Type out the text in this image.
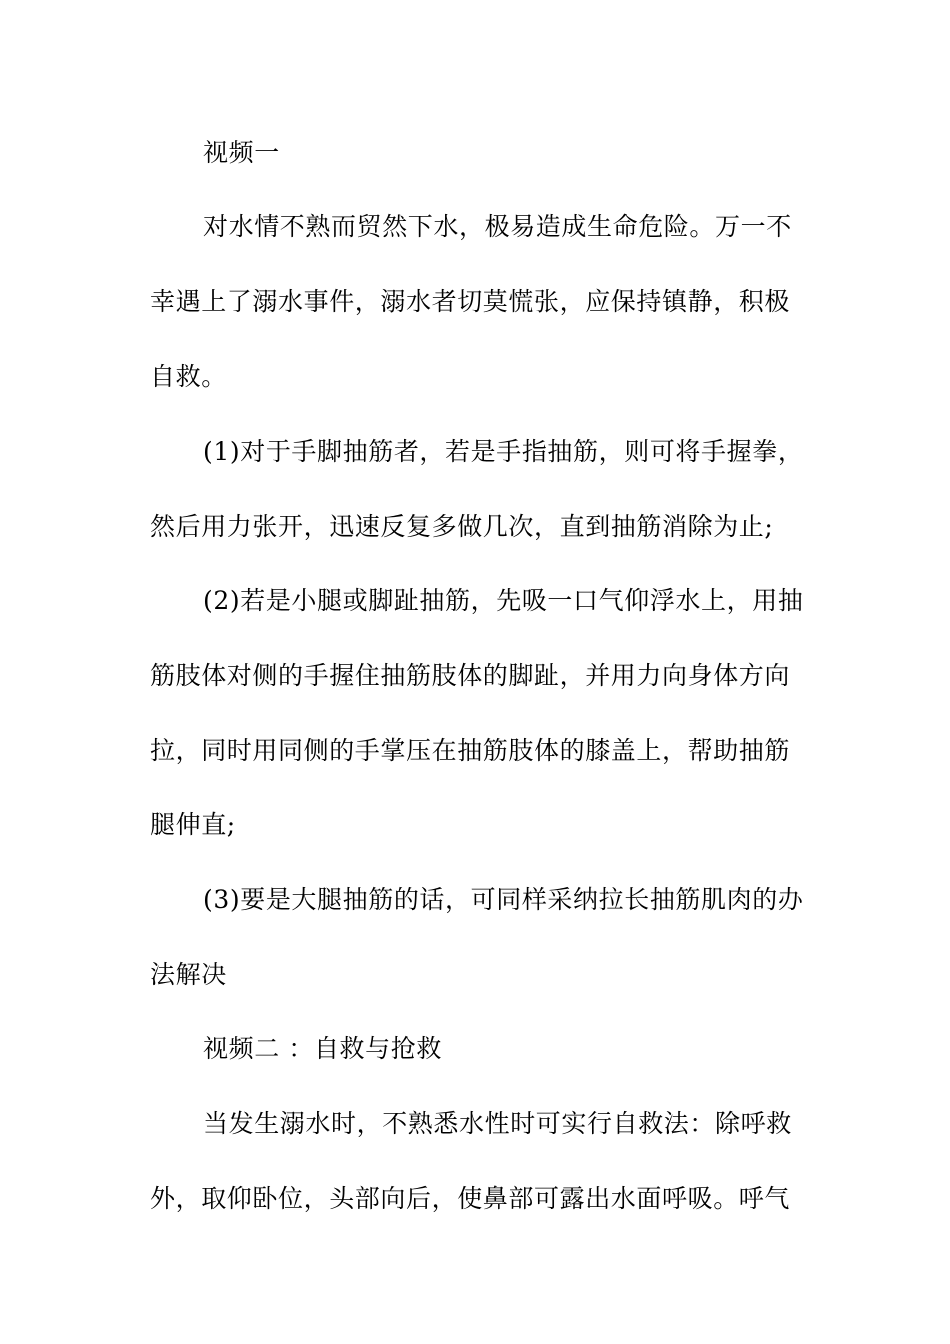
视频一
对水情不熟而贸然下水，极易造成生命危险。万一不
幸遇上了溺水事件，溺水者切莫慌张，应保持镇静，积极
自救。
(1)对于手脚抽筋者，若是手指抽筋，则可将手握拳，
然后用力张开，迅速反复多做几次，直到抽筋消除为止;
(2)若是小腿或脚趾抽筋，先吸一口气仰浮水上，用抽
筋肢体对侧的手握住抽筋肢体的脚趾，并用力向身体方向
拉，同时用同侧的手掌压在抽筋肢体的膝盖上，帮助抽筋
腿伸直;
(3)要是大腿抽筋的话，可同样采纳拉长抽筋肌肉的办
法解决
视频二 ：自救与抢救
当发生溺水时，不熟悉水性时可实行自救法：除呼救
外，取仰卧位，头部向后，使鼻部可露出水面呼吸。呼气
